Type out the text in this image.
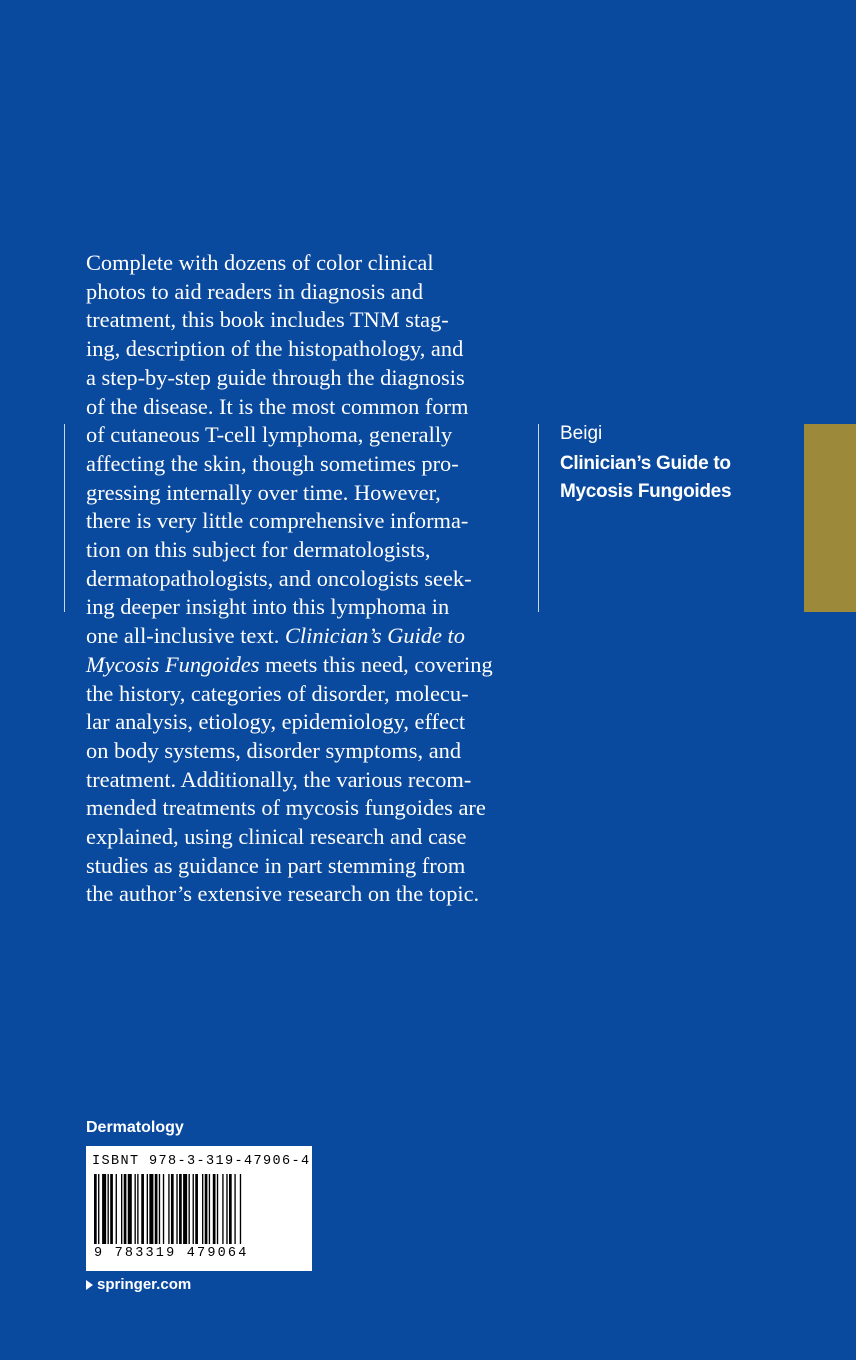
Complete with dozens of color clinical

photos to aid readers in diagnosis and

treatment, this book includes TNM stag-

ing, description of the histopathology, and

a step-by-step guide through the diagnosis

of the disease. It is the most common form

of cutaneous T-cell lymphoma, generally

affecting the skin, though sometimes pro-

gressing internally over time. However,

there is very little comprehensive informa-

tion on this subject for dermatologists,

dermatopathologists, and oncologists seek-

ing deeper insight into this lymphoma in

one all-inclusive text. Clinician’s Guide to

Mycosis Fungoides meets this need, covering

the history, categories of disorder, molecu-

lar analysis, etiology, epidemiology, effect

on body systems, disorder symptoms, and

treatment. Additionally, the various recom-

mended treatments of mycosis fungoides are

explained, using clinical research and case

studies as guidance in part stemming from

the author’s extensive research on the topic.

Beigi
Clinician’s Guide to
Mycosis Fungoides
Dermatology
ISBNT 978-3-319-47906-4
9 783319 479064
springer.com
